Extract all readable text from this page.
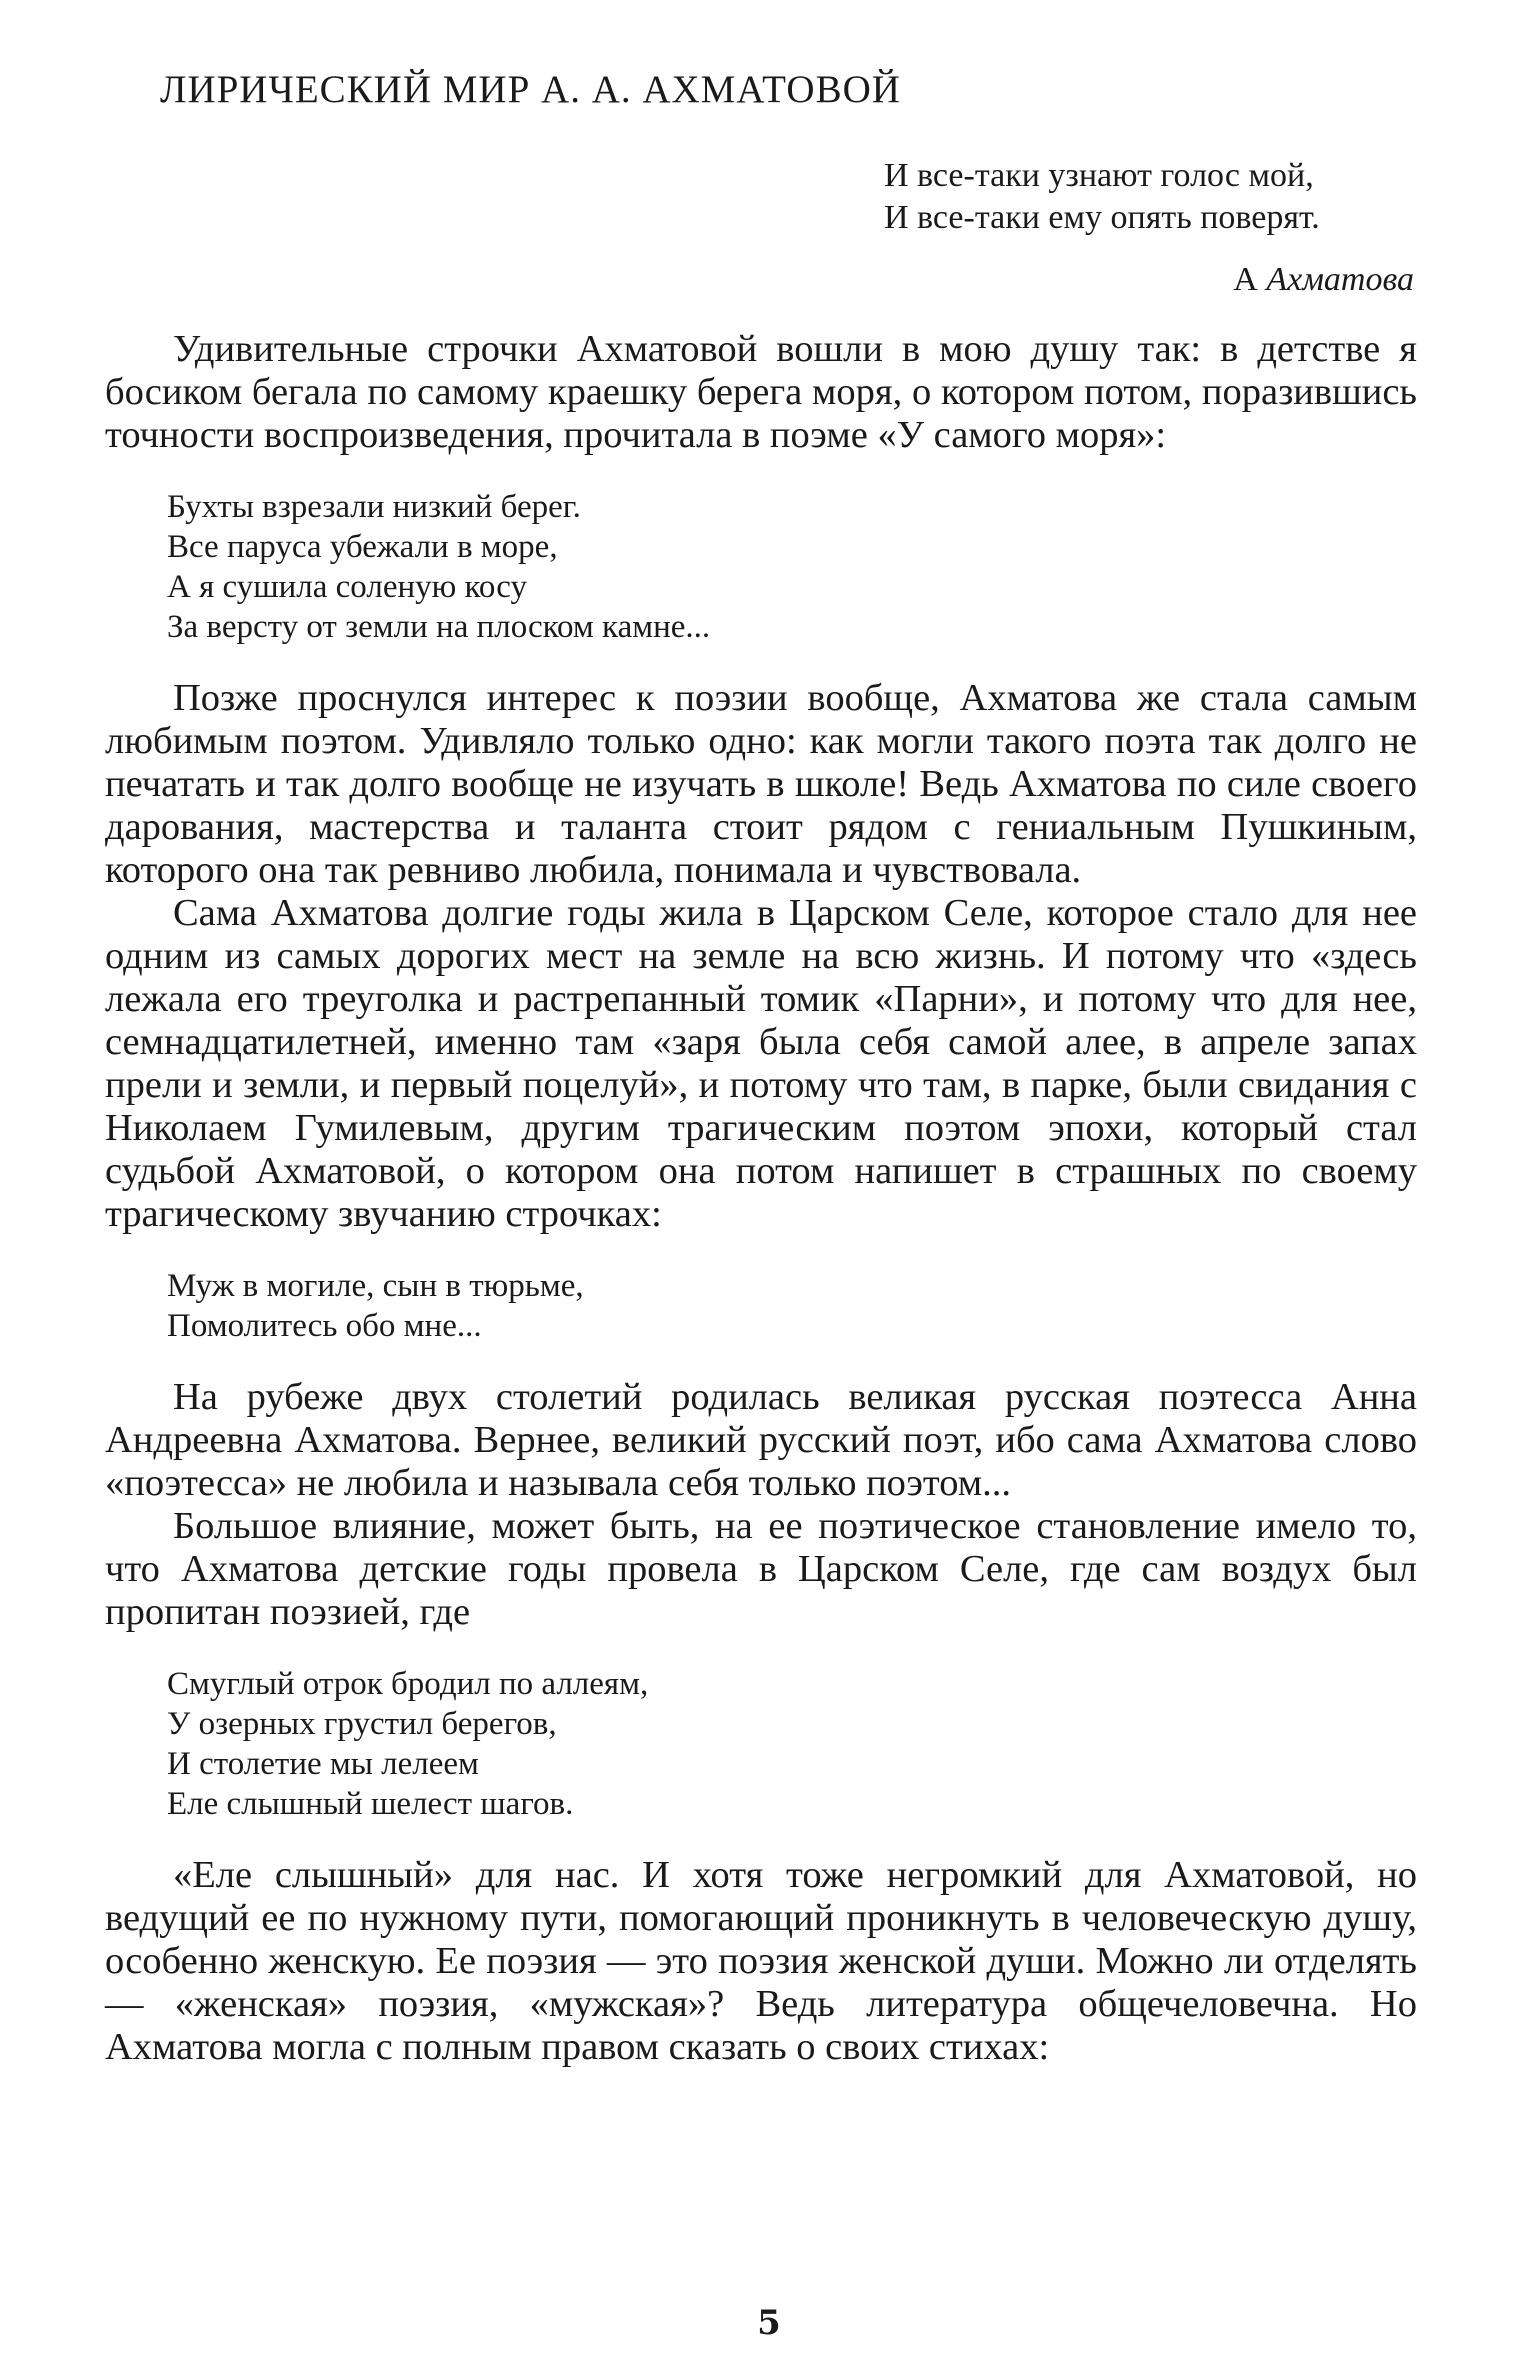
ЛИРИЧЕСКИЙ МИР А. А. АХМАТОВОЙ
И все-таки узнают голос мой,
И все-таки ему опять поверят.
А Ахматова

Удивительные строчки Ахматовой вошли в мою душу так: в детстве я босиком бегала по самому краешку берега моря, о котором потом, поразившись точности воспроизведения, прочитала в поэме «У самого моря»:

Бухты взрезали низкий берег.
Все паруса убежали в море,
А я сушила соленую косу
За версту от земли на плоском камне...

Позже проснулся интерес к поэзии вообще, Ахматова же стала самым любимым поэтом. Удивляло только одно: как могли такого поэта так долго не печатать и так долго вообще не изучать в школе! Ведь Ахматова по силе своего дарования, мастерства и таланта стоит рядом с гениальным Пушкиным, которого она так ревниво любила, понимала и чувствовала.

Сама Ахматова долгие годы жила в Царском Селе, которое стало для нее одним из самых дорогих мест на земле на всю жизнь. И потому что «здесь лежала его треуголка и растрепанный томик «Парни», и потому что для нее, семнадцатилетней, именно там «заря была себя самой алее, в апреле запах прели и земли, и первый поцелуй», и потому что там, в парке, были свидания с Николаем Гумилевым, другим трагическим поэтом эпохи, который стал судьбой Ахматовой, о котором она потом напишет в страшных по своему трагическому звучанию строчках:

Муж в могиле, сын в тюрьме,
Помолитесь обо мне...

На рубеже двух столетий родилась великая русская поэтесса Анна Андреевна Ахматова. Вернее, великий русский поэт, ибо сама Ахматова слово «поэтесса» не любила и называла себя только поэтом...

Большое влияние, может быть, на ее поэтическое становление имело то, что Ахматова детские годы провела в Царском Селе, где сам воздух был пропитан поэзией, где

Смуглый отрок бродил по аллеям,
У озерных грустил берегов,
И столетие мы лелеем
Еле слышный шелест шагов.

«Еле слышный» для нас. И хотя тоже негромкий для Ахматовой, но ведущий ее по нужному пути, помогающий проникнуть в человеческую душу, особенно женскую. Ее поэзия — это поэзия женской души. Можно ли отделять — «женская» поэзия, «мужская»? Ведь литература общечеловечна. Но Ахматова могла с полным правом сказать о своих стихах:

5
